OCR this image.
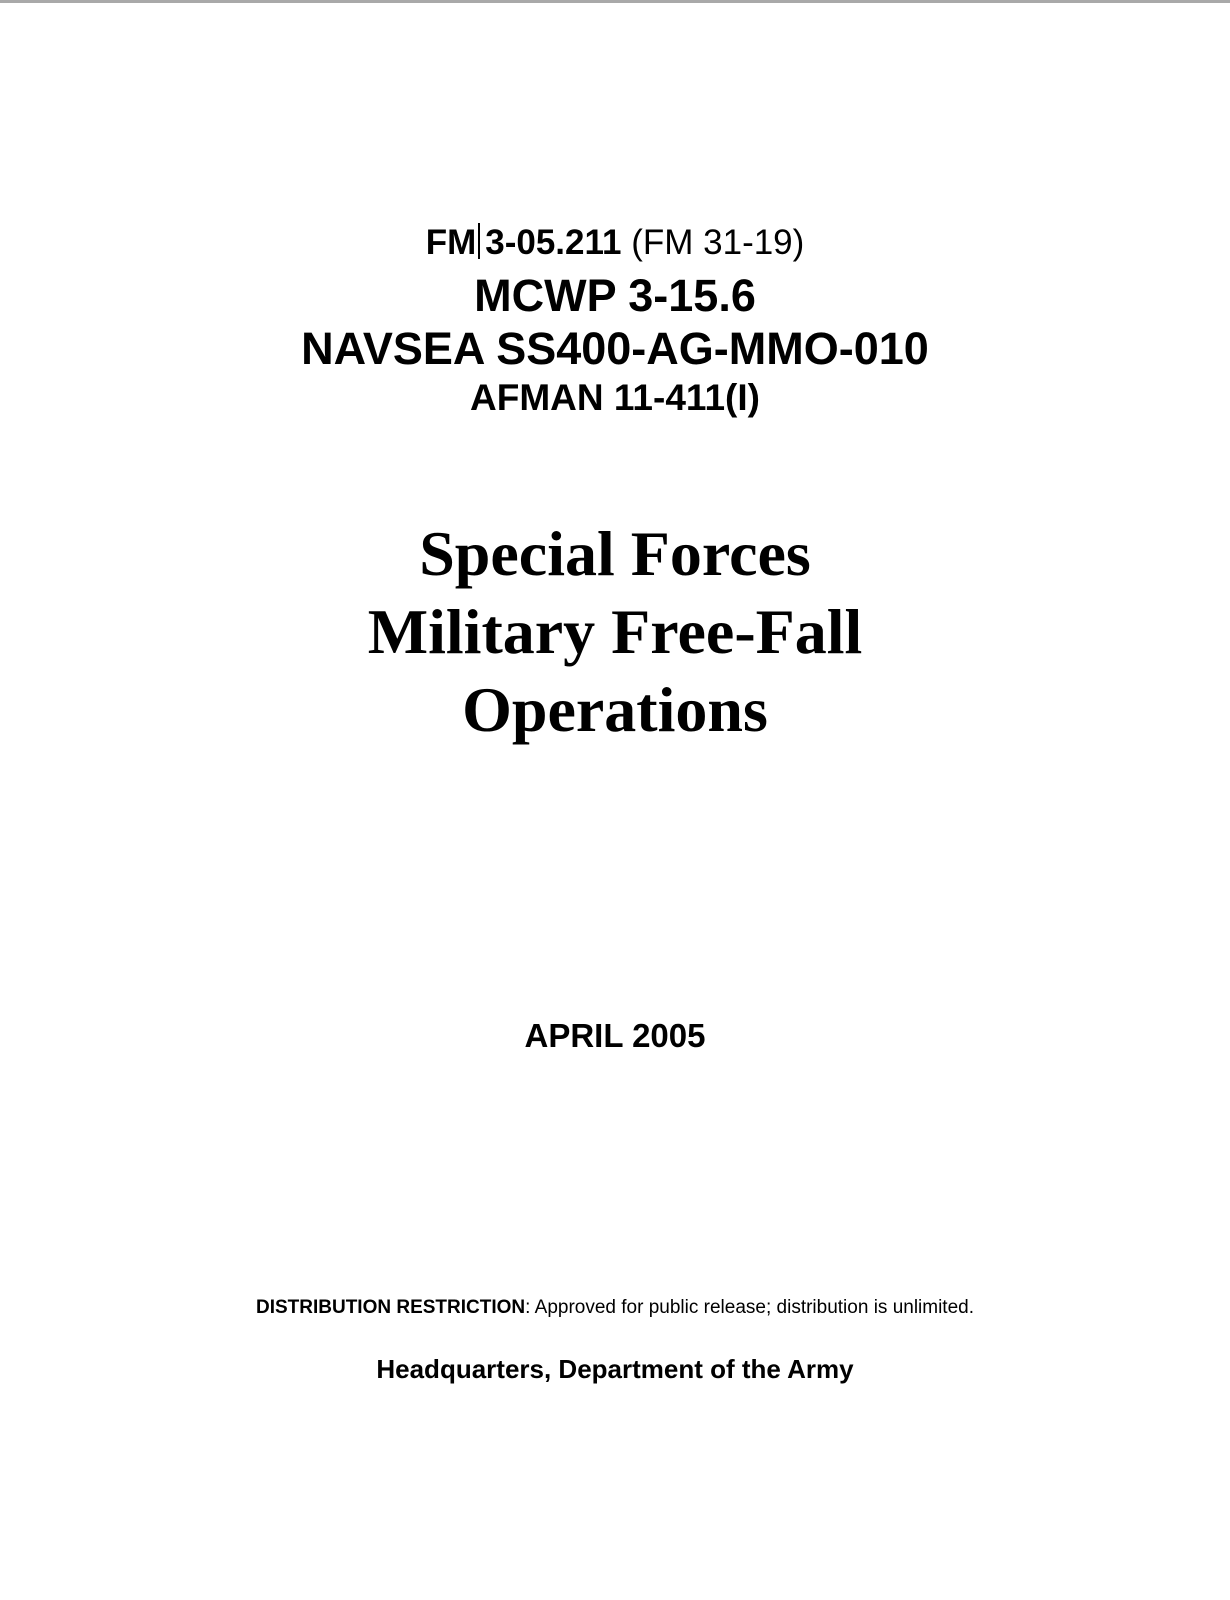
FM 3-05.211 (FM 31-19)
MCWP 3-15.6
NAVSEA SS400-AG-MMO-010
AFMAN 11-411(I)
Special Forces
Military Free-Fall
Operations
APRIL 2005
DISTRIBUTION RESTRICTION: Approved for public release; distribution is unlimited.
Headquarters, Department of the Army
